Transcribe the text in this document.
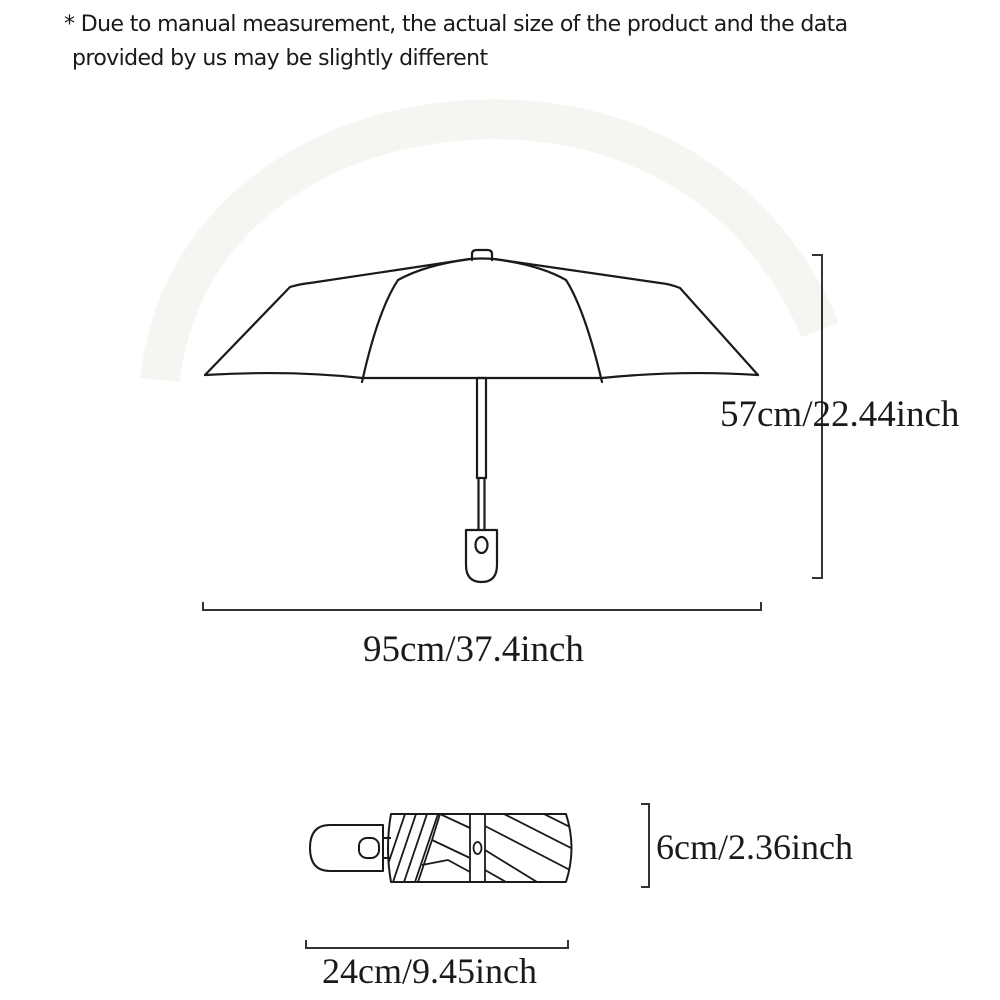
* Due to manual measurement, the actual size of the product and the data
provided by us may be slightly different
57cm/22.44inch
95cm/37.4inch
6cm/2.36inch
24cm/9.45inch
